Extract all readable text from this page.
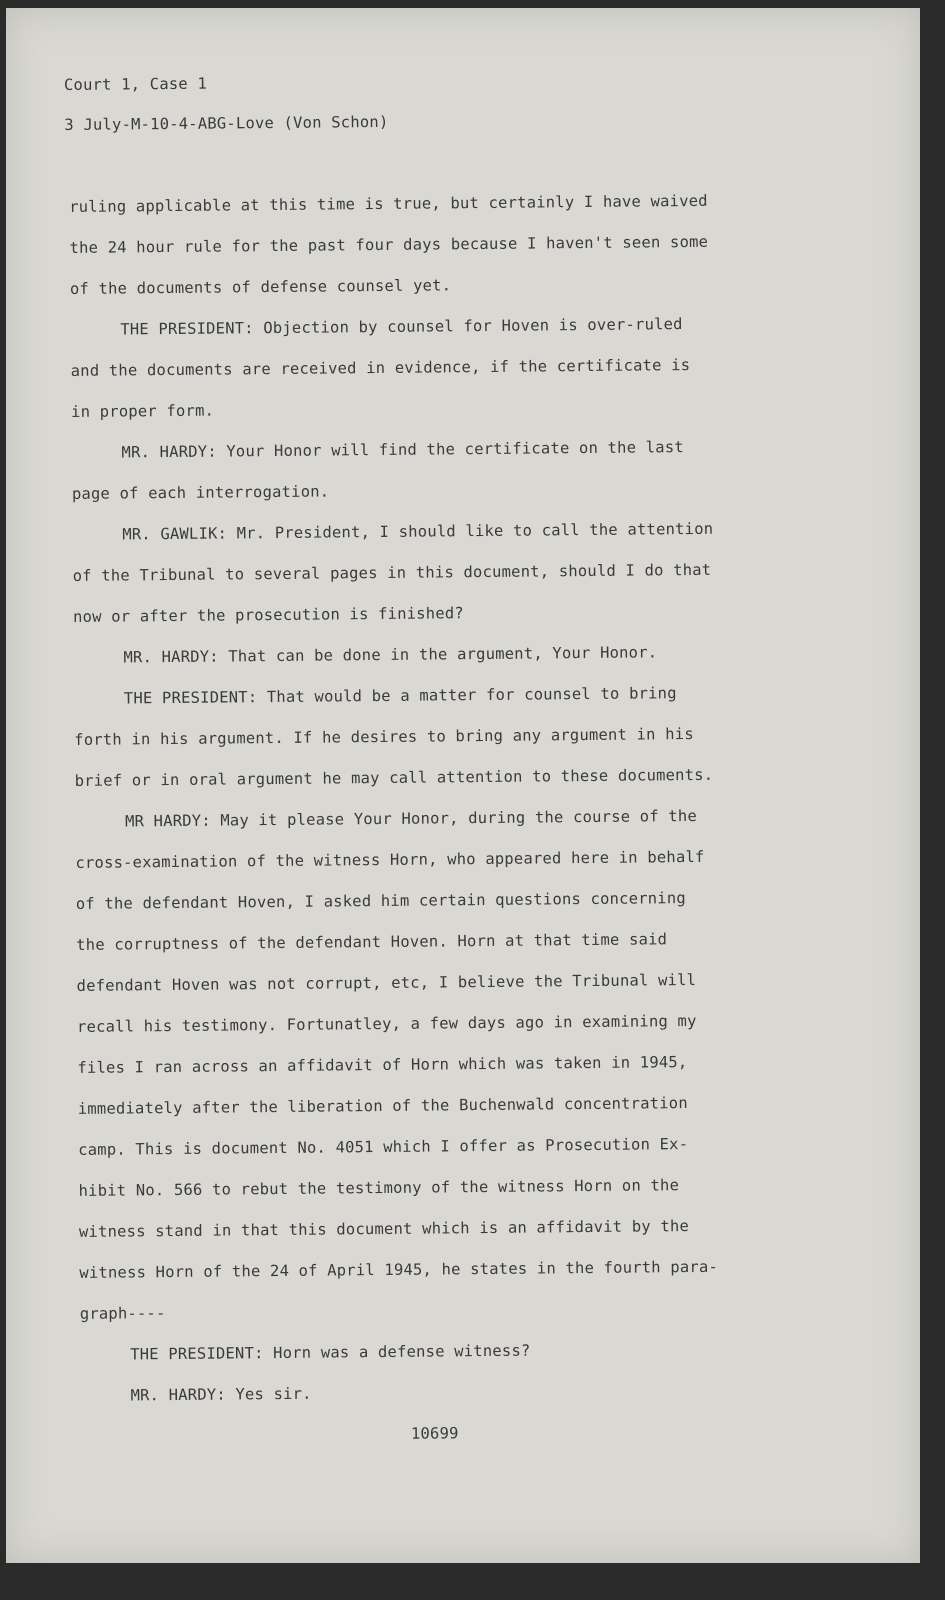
Court 1, Case 1
3 July-M-10-4-ABG-Love (Von Schon)
ruling applicable at this time is true, but certainly I have waived
the 24 hour rule for the past four days because I haven't seen some
of the documents of defense counsel yet.
THE PRESIDENT: Objection by counsel for Hoven is over-ruled
and the documents are received in evidence, if the certificate is
in proper form.
MR. HARDY: Your Honor will find the certificate on the last
page of each interrogation.
MR. GAWLIK: Mr. President, I should like to call the attention
of the Tribunal to several pages in this document, should I do that
now or after the prosecution is finished?
MR. HARDY: That can be done in the argument, Your Honor.
THE PRESIDENT: That would be a matter for counsel to bring
forth in his argument. If he desires to bring any argument in his
brief or in oral argument he may call attention to these documents.
MR HARDY: May it please Your Honor, during the course of the
cross-examination of the witness Horn, who appeared here in behalf
of the defendant Hoven, I asked him certain questions concerning
the corruptness of the defendant Hoven. Horn at that time said
defendant Hoven was not corrupt, etc, I believe the Tribunal will
recall his testimony. Fortunatley, a few days ago in examining my
files I ran across an affidavit of Horn which was taken in 1945,
immediately after the liberation of the Buchenwald concentration
camp. This is document No. 4051 which I offer as Prosecution Ex-
hibit No. 566 to rebut the testimony of the witness Horn on the
witness stand in that this document which is an affidavit by the
witness Horn of the 24 of April 1945, he states in the fourth para-
graph----
THE PRESIDENT: Horn was a defense witness?
MR. HARDY: Yes sir.
10699
